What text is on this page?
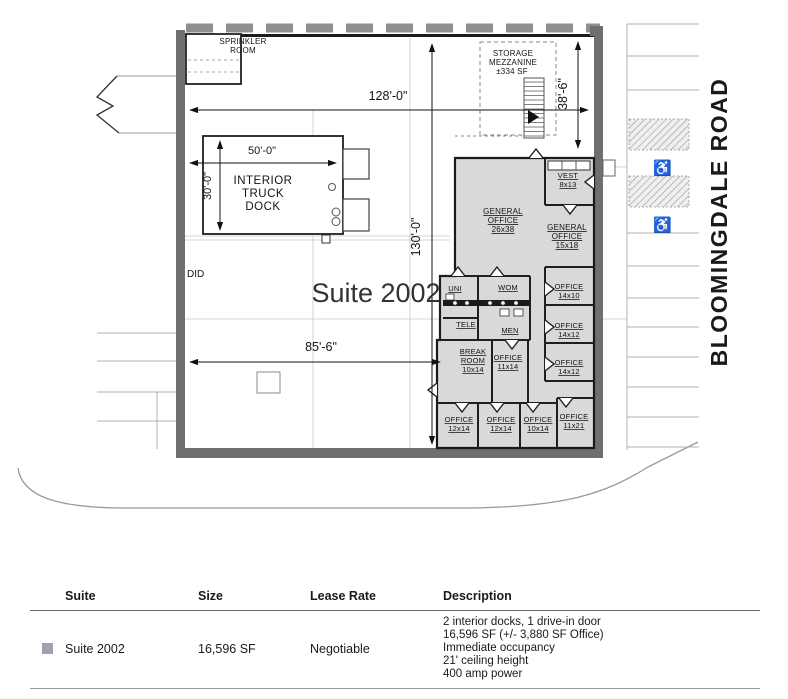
♿
♿ BLOOMINGDALE ROAD
SPRINKLER
ROOM	STORAGE
MEZZANINE
±334 SF
128'-0"
130'-0"
38'-6"
50'-0"
30'-0"
85'-6"
INTERIOR
TRUCK
DOCK
DID
Suite 2002
VEST
8x13
GENERAL
OFFICE
26x38	GENERAL
OFFICE
15x18
UNI	WOM
TELE
MEN
BREAK
ROOM
10x14
OFFICE
11x14
OFFICE
14x10
OFFICE
14x12
OFFICE
14x12
OFFICE
12x14
OFFICE
12x14
OFFICE
10x14
OFFICE
11x21
Suite	Size	Lease Rate	Description
Suite 2002	16,596 SF	Negotiable
2 interior docks, 1 drive-in door
16,596 SF (+/- 3,880 SF Office)
Immediate occupancy
21' ceiling height
400 amp power
